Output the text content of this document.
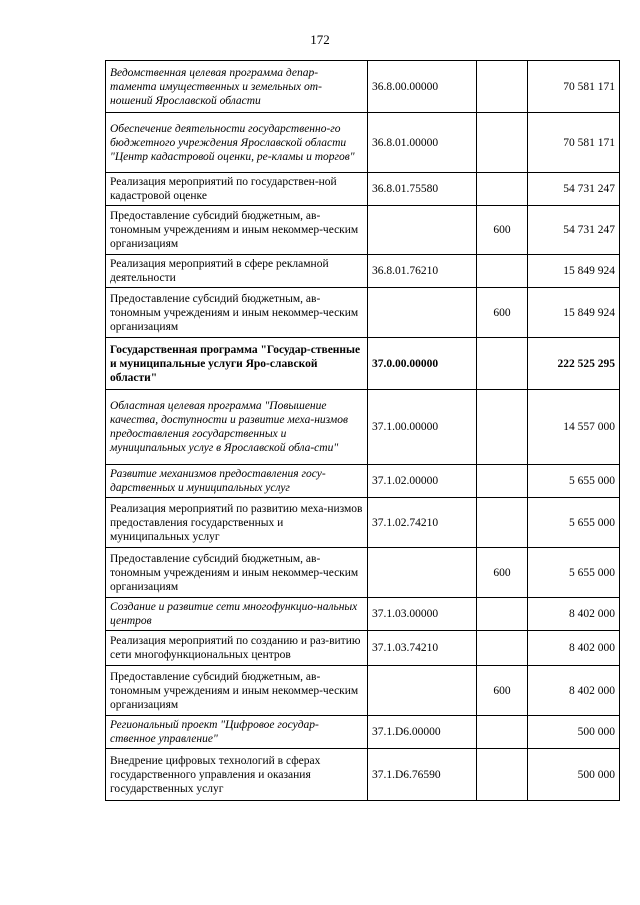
172
Ведомственная целевая программа депар-тамента имущественных и земельных от-ношений Ярославской области	36.8.00.00000		70 581 171
Обеспечение деятельности государственно-го бюджетного учреждения Ярославской области "Центр кадастровой оценки, ре-кламы и торгов"	36.8.01.00000		70 581 171
Реализация мероприятий по государствен-ной кадастровой оценке	36.8.01.75580		54 731 247
Предоставление субсидий бюджетным, ав-тономным учреждениям и иным некоммер-ческим организациям		600	54 731 247
Реализация мероприятий в сфере рекламной деятельности	36.8.01.76210		15 849 924
Предоставление субсидий бюджетным, ав-тономным учреждениям и иным некоммер-ческим организациям		600	15 849 924
Государственная программа "Государ-ственные и муниципальные услуги Яро-славской области"	37.0.00.00000		222 525 295
Областная целевая программа "Повышение качества, доступности и развитие меха-низмов предоставления государственных и муниципальных услуг в Ярославской обла-сти"	37.1.00.00000		14 557 000
Развитие механизмов предоставления госу-дарственных и муниципальных услуг	37.1.02.00000		5 655 000
Реализация мероприятий по развитию меха-низмов предоставления государственных и муниципальных услуг	37.1.02.74210		5 655 000
Предоставление субсидий бюджетным, ав-тономным учреждениям и иным некоммер-ческим организациям		600	5 655 000
Создание и развитие сети многофункцио-нальных центров	37.1.03.00000		8 402 000
Реализация мероприятий по созданию и раз-витию сети многофункциональных центров	37.1.03.74210		8 402 000
Предоставление субсидий бюджетным, ав-тономным учреждениям и иным некоммер-ческим организациям		600	8 402 000
Региональный проект "Цифровое государ-ственное управление"	37.1.D6.00000		500 000
Внедрение цифровых технологий в сферах государственного управления и оказания государственных услуг	37.1.D6.76590		500 000
